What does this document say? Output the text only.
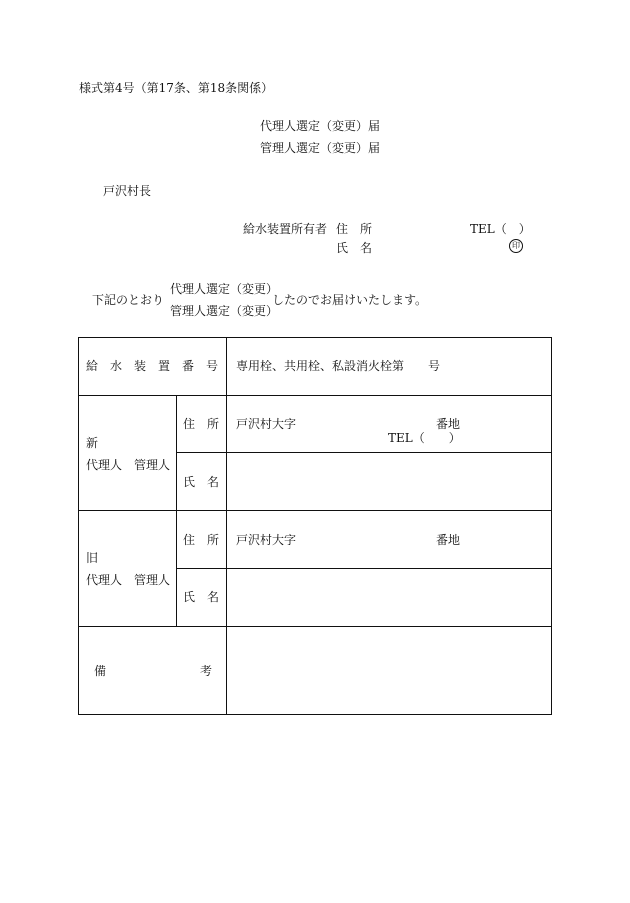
様式第4号（第17条、第18条関係）
代理人選定（変更）届
管理人選定（変更）届
戸沢村長
給水装置所有者 住　所	TEL（　）
氏　名	印
下記のとおり
代理人選定（変更）
管理人選定（変更）
したのでお届けいたします。
給　水　装　置　番　号 専用栓、共用栓、私設消火栓第　　号
新
代理人　管理人
住　所 戸沢村大字	番地
TEL（　　）
氏　名
旧
代理人　管理人
住　所 戸沢村大字	番地
氏　名
備	考
